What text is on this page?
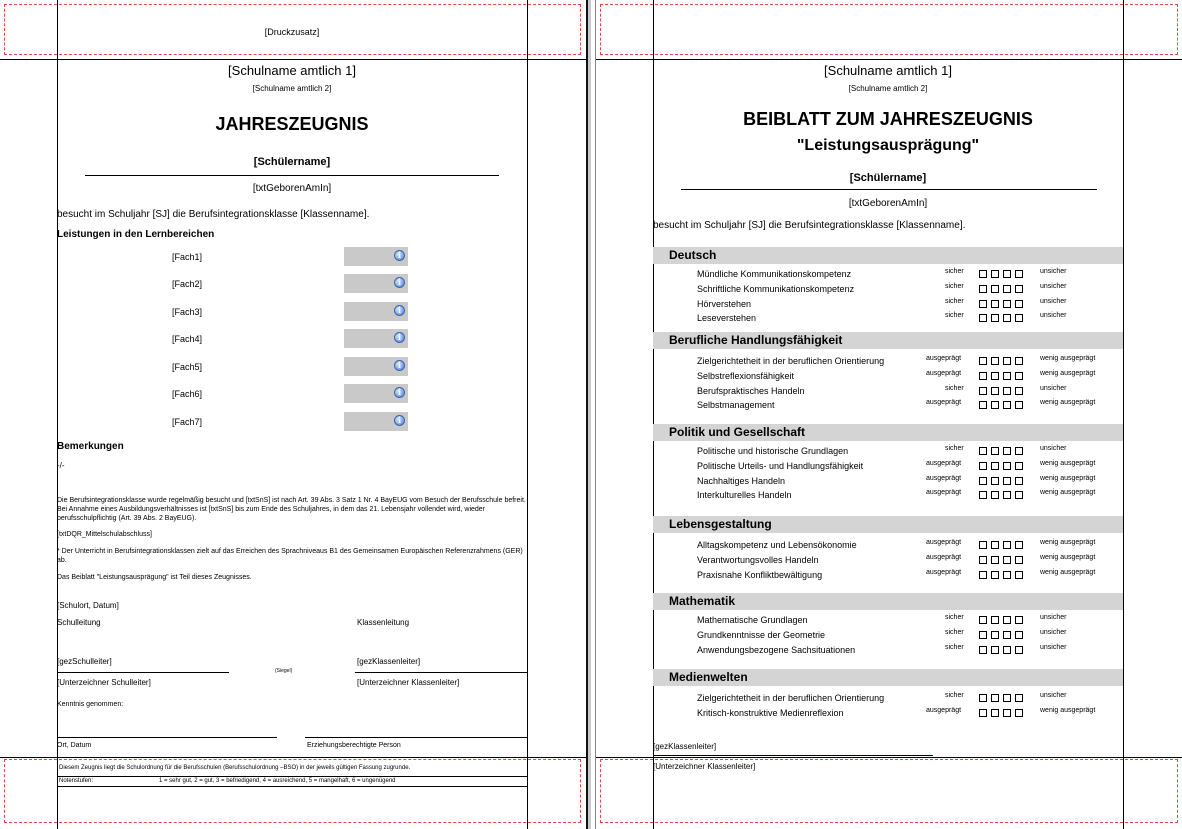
[Druckzusatz]
[Schulname amtlich 1]
[Schulname amtlich 2]
JAHRESZEUGNIS
[Schülername]
[txtGeborenAmIn]
besucht im Schuljahr [SJ] die Berufsintegrationsklasse [Klassenname].
Leistungen in den Lernbereichen
[Fach1]	i
[Fach2]	i
[Fach3]	i
[Fach4]	i
[Fach5]	i
[Fach6]	i
[Fach7]	i
Bemerkungen
-/-
Die Berufsintegrationsklasse wurde regelmäßig besucht und [txtSnS] ist nach Art. 39 Abs. 3 Satz 1 Nr. 4 BayEUG vom Besuch der Berufsschule befreit. Bei Annahme eines Ausbildungsverhältnisses ist [txtSnS] bis zum Ende des Schuljahres, in dem das 21. Lebensjahr vollendet wird, wieder berufsschulpflichtig (Art. 39 Abs. 2 BayEUG).
[txtDQR_Mittelschulabschluss]
* Der Unterricht in Berufsintegrationsklassen zielt auf das Erreichen des Sprachniveaus B1 des Gemeinsamen Europäischen Referenzrahmens (GER) ab.
Das Beiblatt "Leistungsausprägung" ist Teil dieses Zeugnisses.
[Schulort, Datum]
Schulleitung	Klassenleitung
[gezSchulleiter]
(Siegel)
[gezKlassenleiter]
[Unterzeichner Schulleiter]	[Unterzeichner Klassenleiter]
Kenntnis genommen:
Ort, Datum	Erziehungsberechtigte Person
Diesem Zeugnis liegt die Schulordnung für die Berufsschulen (Berufsschulordnung –BSO) in der jeweils gültigen Fassung zugrunde.
Notenstufen:	1 = sehr gut, 2 = gut, 3 = befriedigend, 4 = ausreichend, 5 = mangelhaft, 6 = ungenügend
[Schulname amtlich 1]
[Schulname amtlich 2]
BEIBLATT ZUM JAHRESZEUGNIS
"Leistungsausprägung"
[Schülername]
[txtGeborenAmIn]
besucht im Schuljahr [SJ] die Berufsintegrationsklasse [Klassenname].
Deutsch
Mündliche Kommunikationskompetenz	sicher	unsicher
Schriftliche Kommunikationskompetenz	sicher	unsicher
Hörverstehen	sicher	unsicher
Leseverstehen	sicher	unsicher
Berufliche Handlungsfähigkeit
Zielgerichtetheit in der beruflichen Orientierung	ausgeprägt	wenig ausgeprägt
Selbstreflexionsfähigkeit	ausgeprägt	wenig ausgeprägt
Berufspraktisches Handeln	sicher	unsicher
Selbstmanagement	ausgeprägt	wenig ausgeprägt
Politik und Gesellschaft
Politische und historische Grundlagen	sicher	unsicher
Politische Urteils- und Handlungsfähigkeit	ausgeprägt	wenig ausgeprägt
Nachhaltiges Handeln	ausgeprägt	wenig ausgeprägt
Interkulturelles Handeln	ausgeprägt	wenig ausgeprägt
Lebensgestaltung
Alltagskompetenz und Lebensökonomie	ausgeprägt	wenig ausgeprägt
Verantwortungsvolles Handeln	ausgeprägt	wenig ausgeprägt
Praxisnahe Konfliktbewältigung	ausgeprägt	wenig ausgeprägt
Mathematik
Mathematische Grundlagen	sicher	unsicher
Grundkenntnisse der Geometrie	sicher	unsicher
Anwendungsbezogene Sachsituationen	sicher	unsicher
Medienwelten
Zielgerichtetheit in der beruflichen Orientierung	sicher	unsicher
Kritisch-konstruktive Medienreflexion	ausgeprägt	wenig ausgeprägt
[gezKlassenleiter]
[Unterzeichner Klassenleiter]
